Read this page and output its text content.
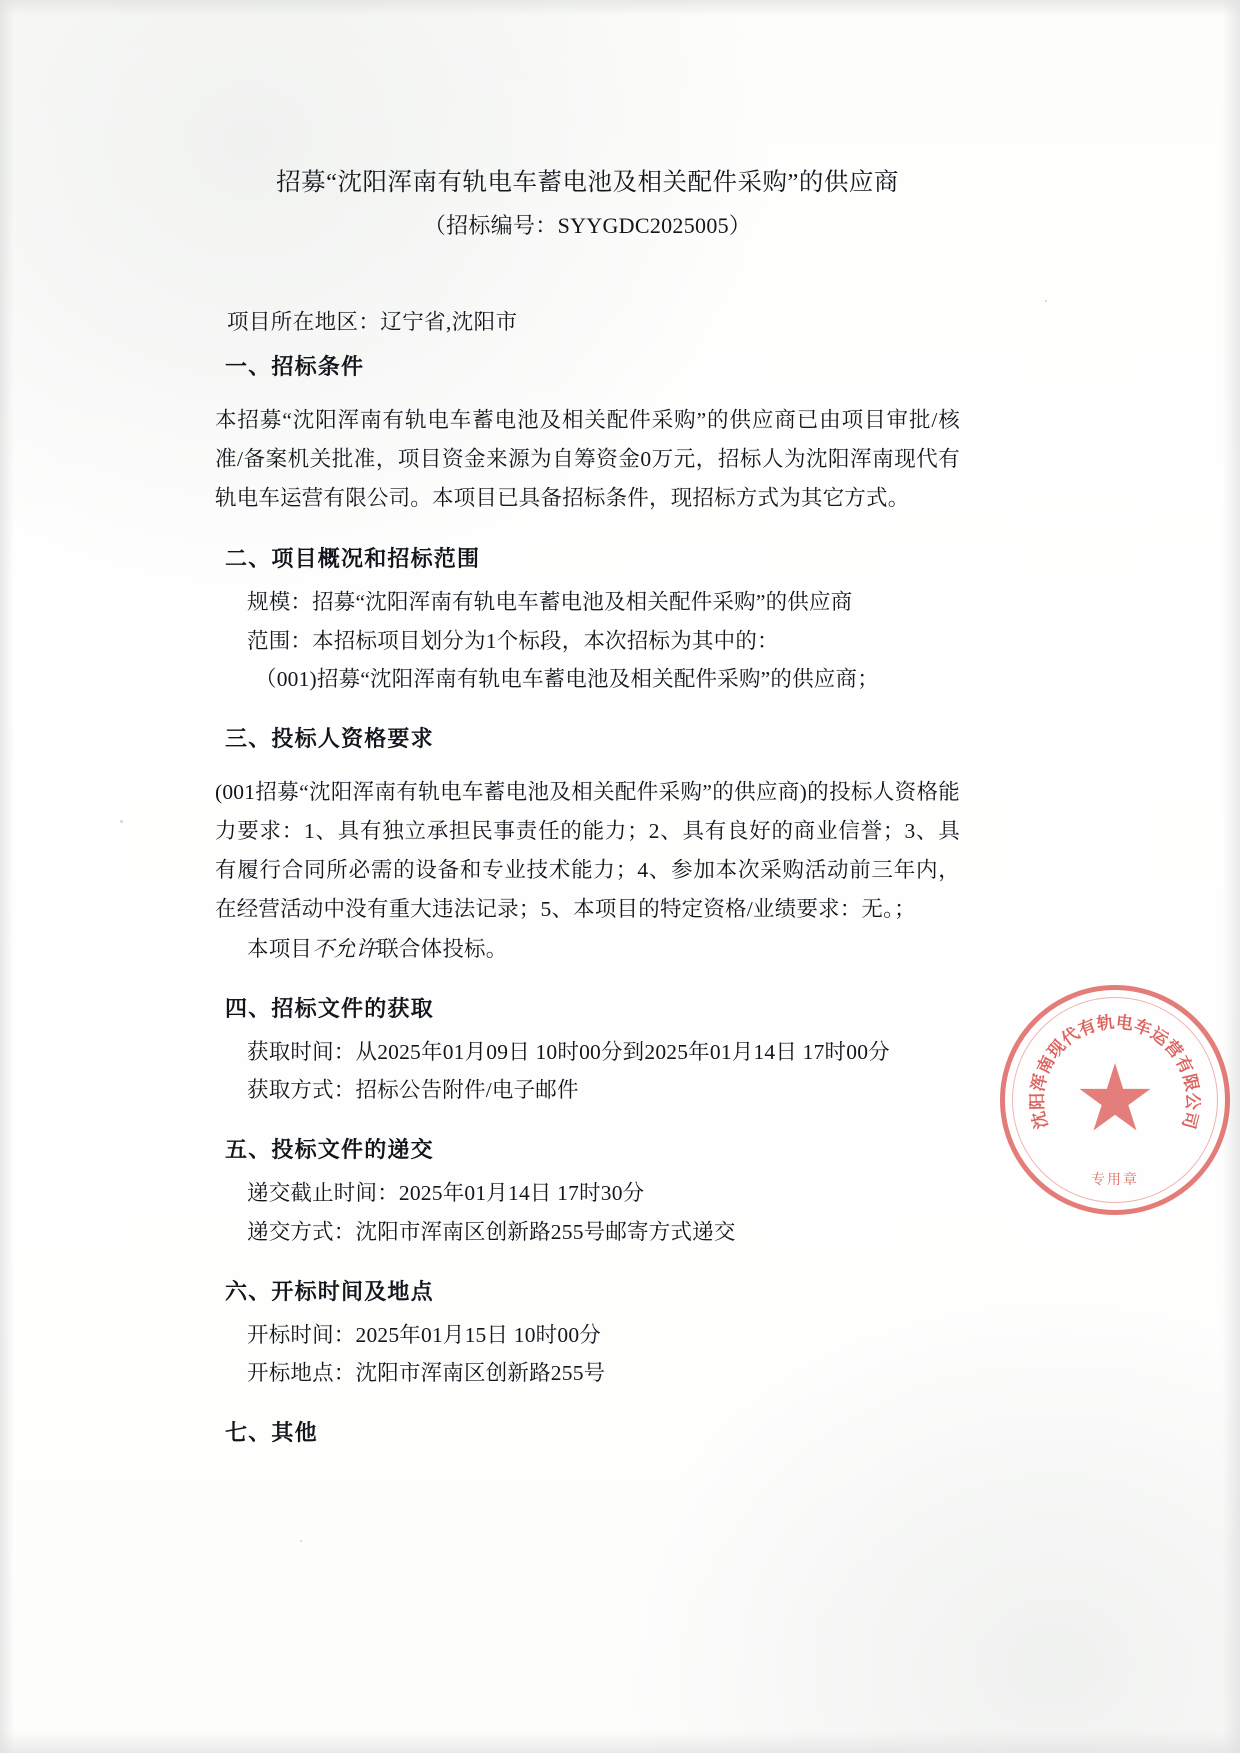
招募“沈阳浑南有轨电车蓄电池及相关配件采购”的供应商
（招标编号：SYYGDC2025005）
项目所在地区：辽宁省,沈阳市
一、招标条件
本招募“沈阳浑南有轨电车蓄电池及相关配件采购”的供应商已由项目审批/核准/备案机关批准，项目资金来源为自筹资金0万元，招标人为沈阳浑南现代有轨电车运营有限公司。本项目已具备招标条件，现招标方式为其它方式。
二、项目概况和招标范围
规模：招募“沈阳浑南有轨电车蓄电池及相关配件采购”的供应商
范围：本招标项目划分为1个标段，本次招标为其中的：
（001)招募“沈阳浑南有轨电车蓄电池及相关配件采购”的供应商；
三、投标人资格要求
(001招募“沈阳浑南有轨电车蓄电池及相关配件采购”的供应商)的投标人资格能力要求：1、具有独立承担民事责任的能力；2、具有良好的商业信誉；3、具有履行合同所必需的设备和专业技术能力；4、参加本次采购活动前三年内，在经营活动中没有重大违法记录；5、本项目的特定资格/业绩要求：无。；
本项目不允许联合体投标。
四、招标文件的获取
获取时间：从2025年01月09日 10时00分到2025年01月14日 17时00分
获取方式：招标公告附件/电子邮件
五、投标文件的递交
递交截止时间：2025年01月14日 17时30分
递交方式：沈阳市浑南区创新路255号邮寄方式递交
六、开标时间及地点
开标时间：2025年01月15日 10时00分
开标地点：沈阳市浑南区创新路255号
七、其他
沈
阳
浑
南
现
代
有
轨 电
车
运
营
有
限
公
司
专用章
